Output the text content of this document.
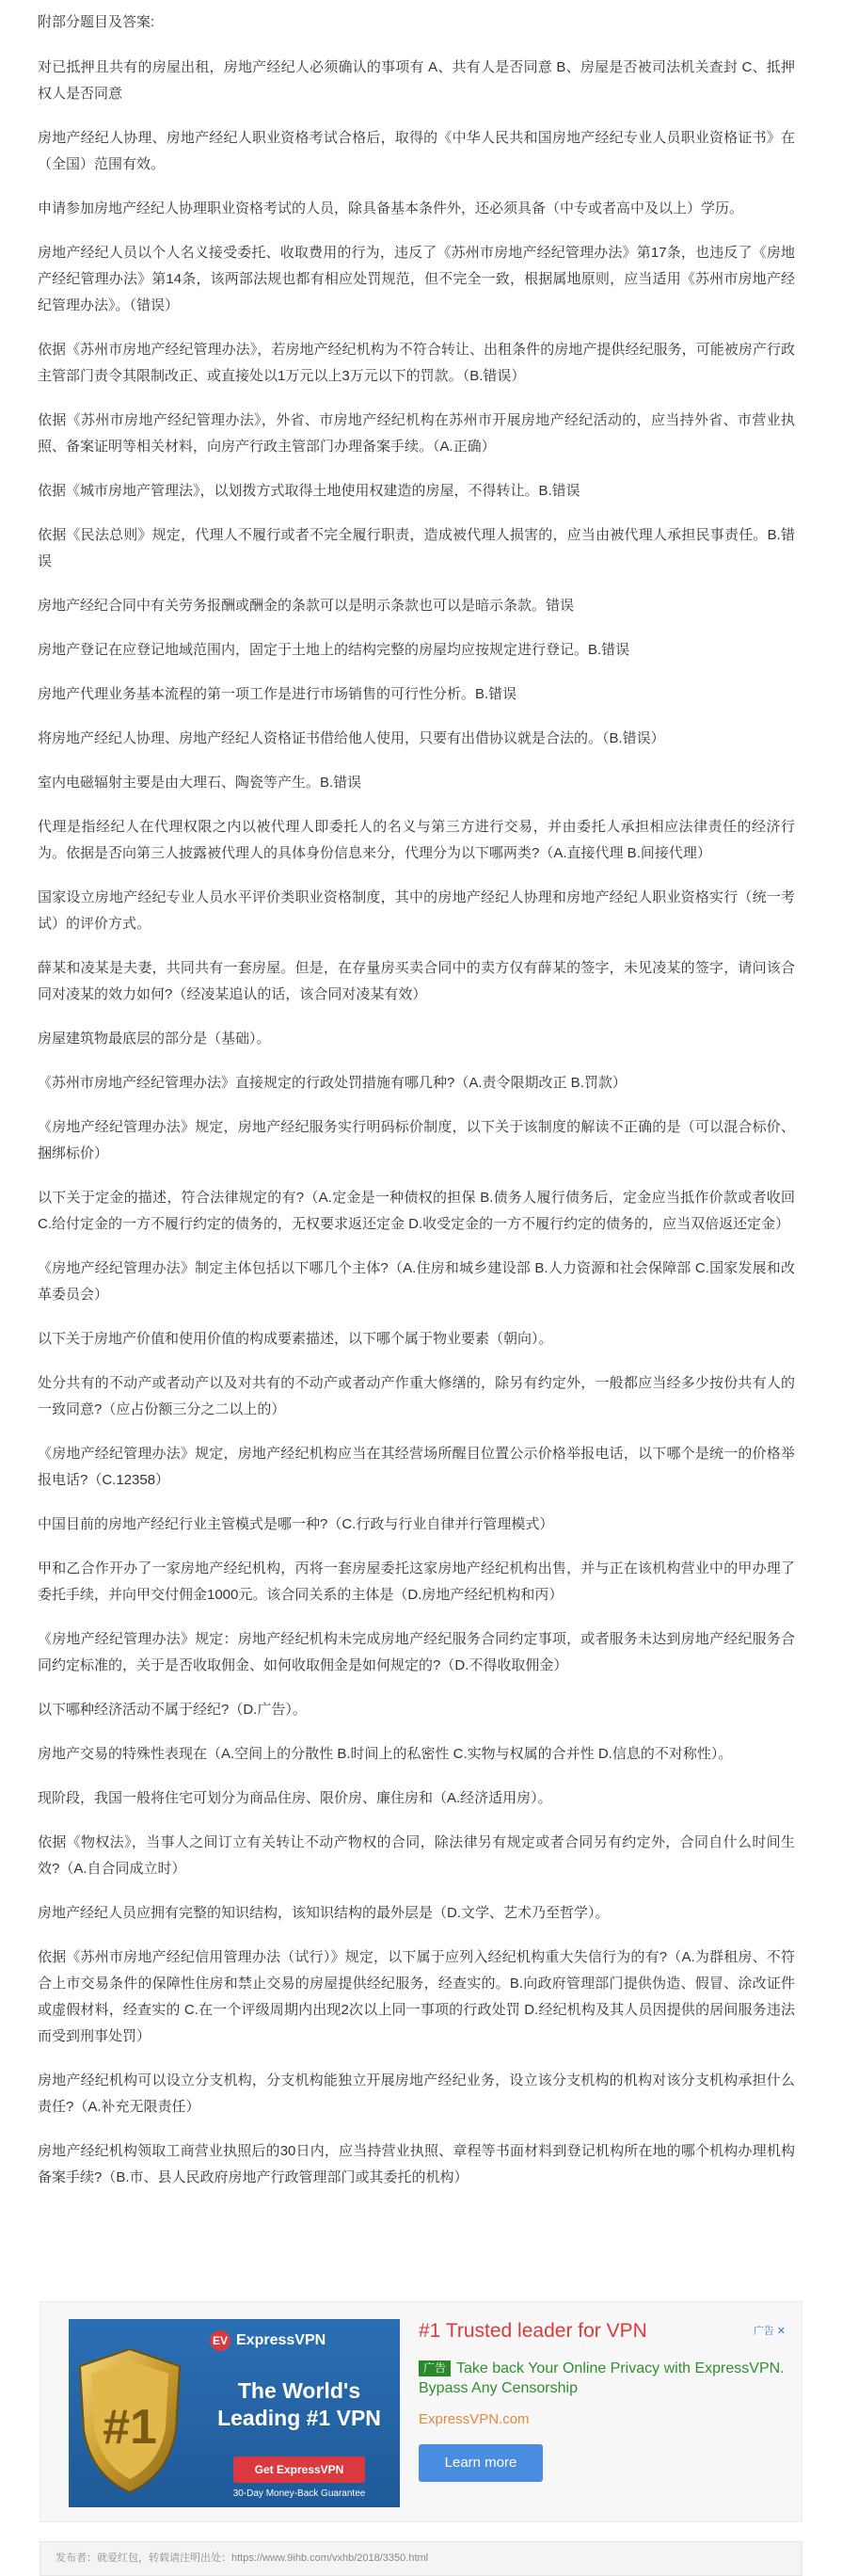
附部分题目及答案:

对已抵押且共有的房屋出租，房地产经纪人必须确认的事项有 A、共有人是否同意 B、房屋是否被司法机关查封 C、抵押权人是否同意

房地产经纪人协理、房地产经纪人职业资格考试合格后，取得的《中华人民共和国房地产经纪专业人员职业资格证书》在（全国）范围有效。

申请参加房地产经纪人协理职业资格考试的人员，除具备基本条件外，还必须具备（中专或者高中及以上）学历。

房地产经纪人员以个人名义接受委托、收取费用的行为，违反了《苏州市房地产经纪管理办法》第17条，也违反了《房地产经纪管理办法》第14条，该两部法规也都有相应处罚规范，但不完全一致，根据属地原则，应当适用《苏州市房地产经纪管理办法》。（错误）

依据《苏州市房地产经纪管理办法》，若房地产经纪机构为不符合转让、出租条件的房地产提供经纪服务，可能被房产行政主管部门责令其限制改正、或直接处以1万元以上3万元以下的罚款。（B.错误）

依据《苏州市房地产经纪管理办法》，外省、市房地产经纪机构在苏州市开展房地产经纪活动的，应当持外省、市营业执照、备案证明等相关材料，向房产行政主管部门办理备案手续。（A.正确）

依据《城市房地产管理法》，以划拨方式取得土地使用权建造的房屋，不得转让。B.错误

依据《民法总则》规定，代理人不履行或者不完全履行职责，造成被代理人损害的，应当由被代理人承担民事责任。B.错误

房地产经纪合同中有关劳务报酬或酬金的条款可以是明示条款也可以是暗示条款。错误

房地产登记在应登记地域范围内，固定于土地上的结构完整的房屋均应按规定进行登记。B.错误

房地产代理业务基本流程的第一项工作是进行市场销售的可行性分析。B.错误

将房地产经纪人协理、房地产经纪人资格证书借给他人使用，只要有出借协议就是合法的。（B.错误）

室内电磁辐射主要是由大理石、陶瓷等产生。B.错误

代理是指经纪人在代理权限之内以被代理人即委托人的名义与第三方进行交易，并由委托人承担相应法律责任的经济行为。依据是否向第三人披露被代理人的具体身份信息来分，代理分为以下哪两类?（A.直接代理 B.间接代理）

国家设立房地产经纪专业人员水平评价类职业资格制度，其中的房地产经纪人协理和房地产经纪人职业资格实行（统一考试）的评价方式。

薛某和凌某是夫妻，共同共有一套房屋。但是，在存量房买卖合同中的卖方仅有薛某的签字，未见凌某的签字，请问该合同对凌某的效力如何?（经凌某追认的话，该合同对凌某有效）

房屋建筑物最底层的部分是（基础）。

《苏州市房地产经纪管理办法》直接规定的行政处罚措施有哪几种?（A.责令限期改正 B.罚款）

《房地产经纪管理办法》规定，房地产经纪服务实行明码标价制度，以下关于该制度的解读不正确的是（可以混合标价、捆绑标价）

以下关于定金的描述，符合法律规定的有?（A.定金是一种债权的担保 B.债务人履行债务后，定金应当抵作价款或者收回 C.给付定金的一方不履行约定的债务的，无权要求返还定金 D.收受定金的一方不履行约定的债务的，应当双倍返还定金）

《房地产经纪管理办法》制定主体包括以下哪几个主体?（A.住房和城乡建设部 B.人力资源和社会保障部 C.国家发展和改革委员会）

以下关于房地产价值和使用价值的构成要素描述，以下哪个属于物业要素（朝向）。

处分共有的不动产或者动产以及对共有的不动产或者动产作重大修缮的，除另有约定外，一般都应当经多少按份共有人的一致同意?（应占份额三分之二以上的）

《房地产经纪管理办法》规定，房地产经纪机构应当在其经营场所醒目位置公示价格举报电话，以下哪个是统一的价格举报电话?（C.12358）

中国目前的房地产经纪行业主管模式是哪一种?（C.行政与行业自律并行管理模式）

甲和乙合作开办了一家房地产经纪机构，丙将一套房屋委托这家房地产经纪机构出售，并与正在该机构营业中的甲办理了委托手续，并向甲交付佣金1000元。该合同关系的主体是（D.房地产经纪机构和丙）

《房地产经纪管理办法》规定：房地产经纪机构未完成房地产经纪服务合同约定事项，或者服务未达到房地产经纪服务合同约定标准的，关于是否收取佣金、如何收取佣金是如何规定的?（D.不得收取佣金）

以下哪种经济活动不属于经纪?（D.广告）。

房地产交易的特殊性表现在（A.空间上的分散性 B.时间上的私密性 C.实物与权属的合并性 D.信息的不对称性）。

现阶段，我国一般将住宅可划分为商品住房、限价房、廉住房和（A.经济适用房）。

依据《物权法》，当事人之间订立有关转让不动产物权的合同，除法律另有规定或者合同另有约定外，合同自什么时间生效?（A.自合同成立时）

房地产经纪人员应拥有完整的知识结构，该知识结构的最外层是（D.文学、艺术乃至哲学）。

依据《苏州市房地产经纪信用管理办法（试行）》规定，以下属于应列入经纪机构重大失信行为的有?（A.为群租房、不符合上市交易条件的保障性住房和禁止交易的房屋提供经纪服务，经查实的。B.向政府管理部门提供伪造、假冒、涂改证件或虚假材料，经查实的 C.在一个评级周期内出现2次以上同一事项的行政处罚 D.经纪机构及其人员因提供的居间服务违法而受到刑事处罚）

房地产经纪机构可以设立分支机构，分支机构能独立开展房地产经纪业务，设立该分支机构的机构对该分支机构承担什么责任?（A.补充无限责任）

房地产经纪机构领取工商营业执照后的30日内，应当持营业执照、章程等书面材料到登记机构所在地的哪个机构办理机构备案手续?（B.市、县人民政府房地产行政管理部门或其委托的机构）

EV ExpressVPN
#1
The World's Leading #1 VPN
Get ExpressVPN
30-Day Money-Back Guarantee
广告 ✕
#1 Trusted leader for VPN
广告 Take back Your Online Privacy with ExpressVPN. Bypass Any Censorship
ExpressVPN.com
Learn more
发布者：就爱红包，转载请注明出处：https://www.9ihb.com/vxhb/2018/3350.html
